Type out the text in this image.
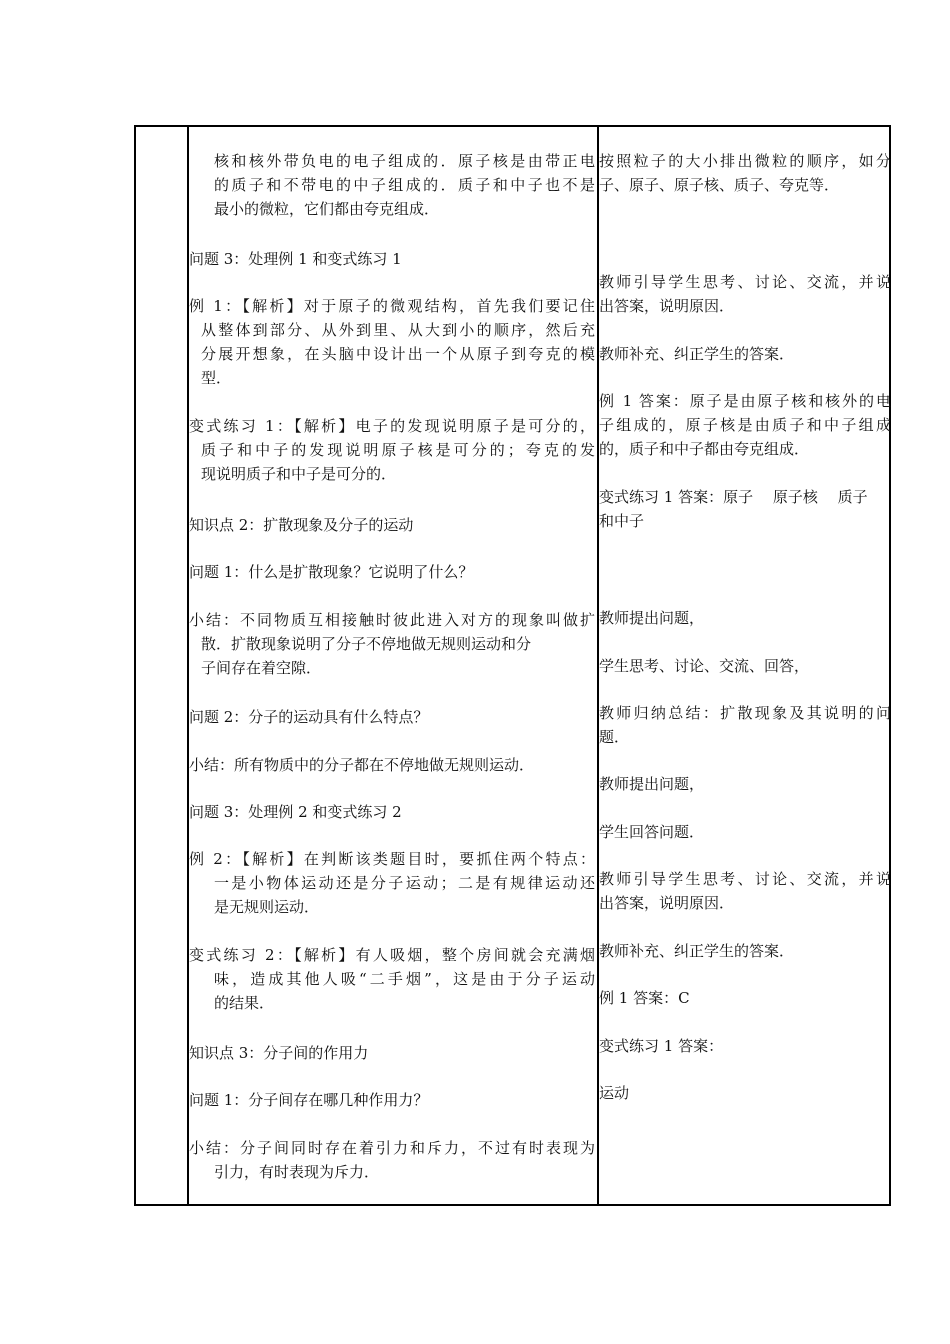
核和核外带负电的电子组成的．原子核是由带正电
的质子和不带电的中子组成的．质子和中子也不是
最小的微粒，它们都由夸克组成．
问题 3：处理例 1 和变式练习 1
例 1：【解析】对于原子的微观结构，首先我们要记住
从整体到部分、从外到里、从大到小的顺序，然后充
分展开想象，在头脑中设计出一个从原子到夸克的模
型．
变式练习 1：【解析】电子的发现说明原子是可分的，
质子和中子的发现说明原子核是可分的；夸克的发
现说明质子和中子是可分的．
知识点 2：扩散现象及分子的运动
问题 1：什么是扩散现象？它说明了什么？
小结：不同物质互相接触时彼此进入对方的现象叫做扩
散．扩散现象说明了分子不停地做无规则运动和分
子间存在着空隙．
问题 2：分子的运动具有什么特点？
小结：所有物质中的分子都在不停地做无规则运动．
问题 3：处理例 2 和变式练习 2
例 2：【解析】在判断该类题目时，要抓住两个特点：
一是小物体运动还是分子运动；二是有规律运动还
是无规则运动．
变式练习 2：【解析】有人吸烟，整个房间就会充满烟
味，造成其他人吸“二手烟”，这是由于分子运动
的结果．
知识点 3：分子间的作用力
问题 1：分子间存在哪几种作用力？
小结：分子间同时存在着引力和斥力，不过有时表现为
引力，有时表现为斥力．
按照粒子的大小排出微粒的顺序，如分
子、原子、原子核、质子、夸克等．
教师引导学生思考、讨论、交流，并说
出答案，说明原因．
教师补充、纠正学生的答案．
例 1 答案：原子是由原子核和核外的电
子组成的，原子核是由质子和中子组成
的，质子和中子都由夸克组成．
变式练习 1 答案：原子　 原子核　 质子
和中子
教师提出问题，
学生思考、讨论、交流、回答，
教师归纳总结：扩散现象及其说明的问
题．
教师提出问题，
学生回答问题．
教师引导学生思考、讨论、交流，并说
出答案，说明原因．
教师补充、纠正学生的答案．
例 1 答案：C
变式练习 1 答案：
运动
